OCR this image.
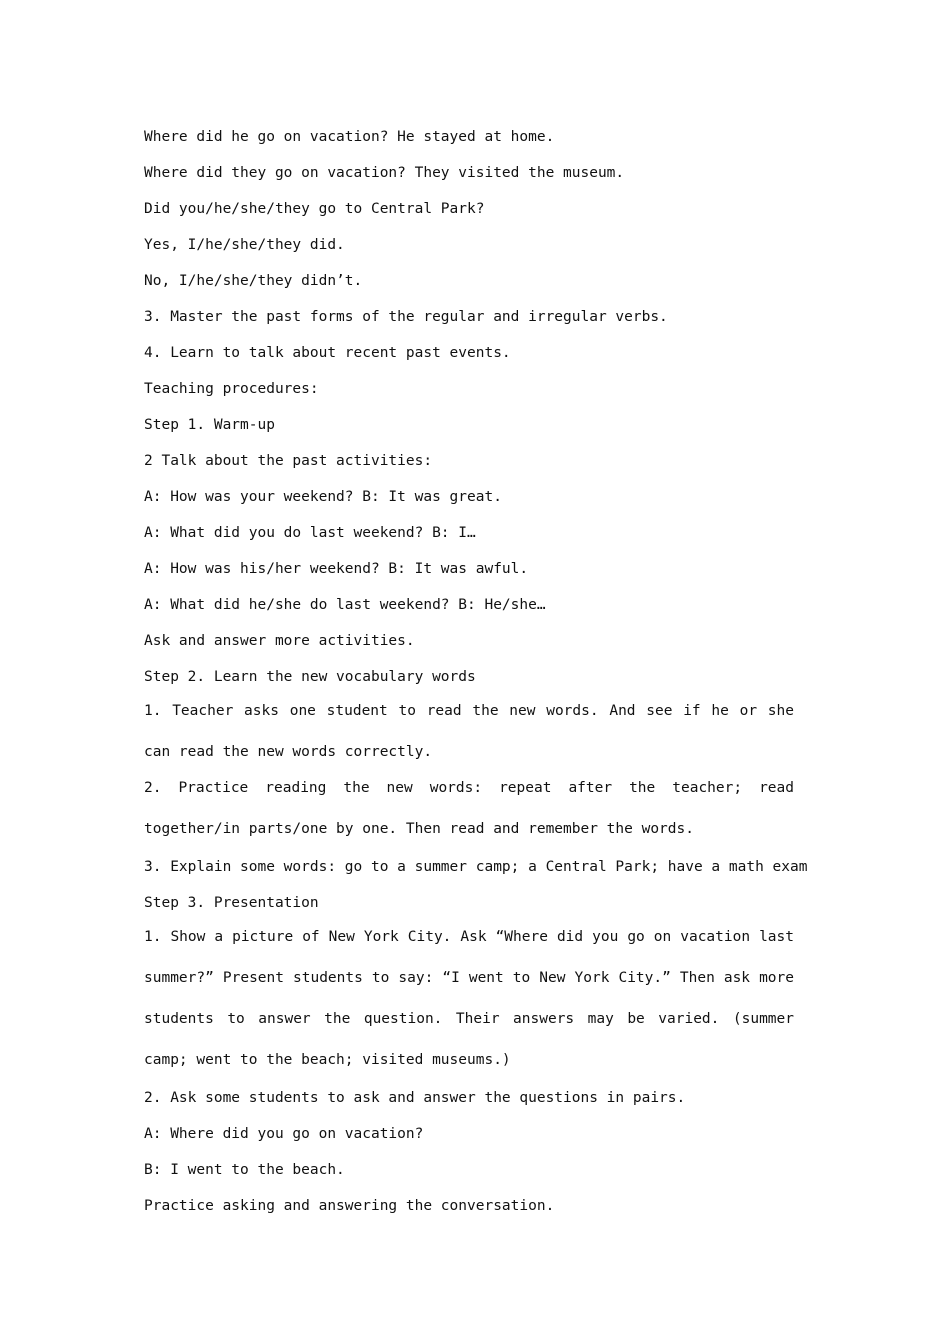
Where did he go on vacation? He stayed at home.
Where did they go on vacation? They visited the museum.
Did you/he/she/they go to Central Park?
Yes, I/he/she/they did.
No, I/he/she/they didn’t.
3. Master the past forms of the regular and irregular verbs.
4. Learn to talk about recent past events.
Teaching procedures:
Step 1. Warm-up
2 Talk about the past activities:
A: How was your weekend? B: It was great.
A: What did you do last weekend? B: I…
A: How was his/her weekend? B: It was awful.
A: What did he/she do last weekend? B: He/she…
Ask and answer more activities.
Step 2. Learn the new vocabulary words
1. Teacher asks one student to read the new words. And see if he or she can read the new words correctly.
2. Practice reading the new words: repeat after the teacher; read together/in parts/one by one. Then read and remember the words.
3. Explain some words: go to a summer camp; a Central Park; have a math exam
Step 3. Presentation
1. Show a picture of New York City. Ask “Where did you go on vacation last summer?” Present students to say: “I went to New York City.” Then ask more students to answer the question. Their answers may be varied. (summer camp; went to the beach; visited museums.)
2. Ask some students to ask and answer the questions in pairs.
A: Where did you go on vacation?
B: I went to the beach.
Practice asking and answering the conversation.
